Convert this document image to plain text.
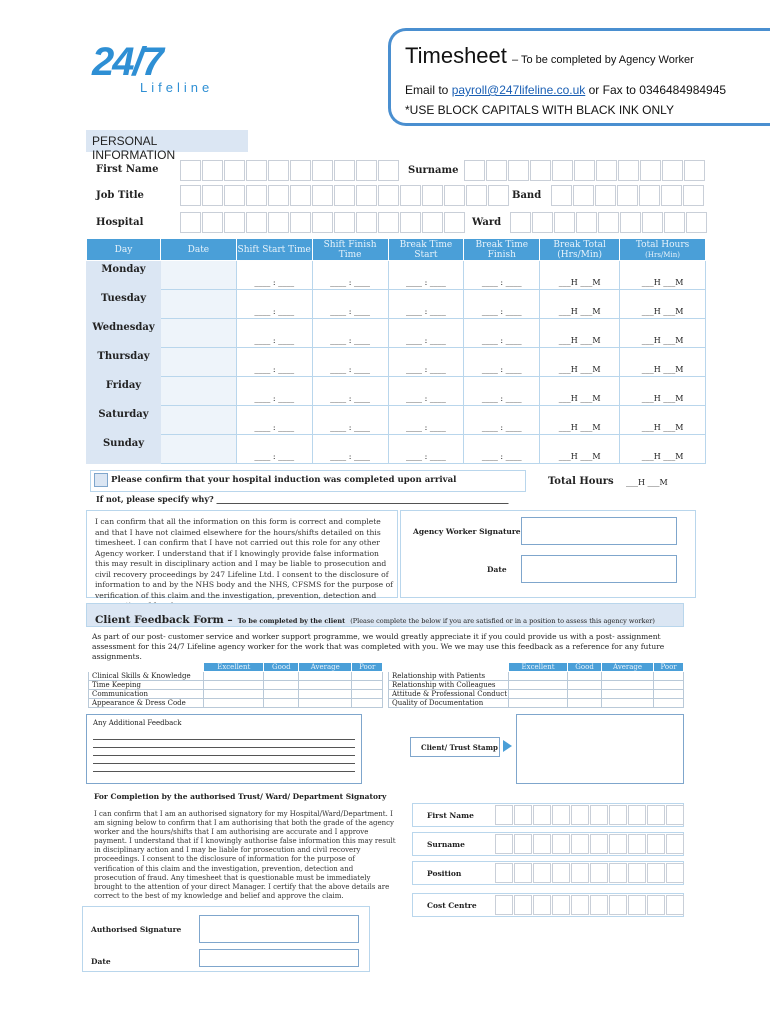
24/7
Lifeline
Timesheet – To be completed by Agency Worker
Email to payroll@247lifeline.co.uk or Fax to 0346484984945
*USE BLOCK CAPITALS WITH BLACK INK ONLY
PERSONAL INFORMATION
First Name	Surname
Job Title	Band
Hospital	Ward
Day	Date	Shift Start Time	Shift Finish Time	Break Time Start	Break Time Finish	Break Total (Hrs/Min)	Total Hours
(Hrs/Min)
Monday		____ : ____	____ : ____	____ : ____	____ : ____	___H ___M	___H ___M
Tuesday		____ : ____	____ : ____	____ : ____	____ : ____	___H ___M	___H ___M
Wednesday		____ : ____	____ : ____	____ : ____	____ : ____	___H ___M	___H ___M
Thursday		____ : ____	____ : ____	____ : ____	____ : ____	___H ___M	___H ___M
Friday		____ : ____	____ : ____	____ : ____	____ : ____	___H ___M	___H ___M
Saturday		____ : ____	____ : ____	____ : ____	____ : ____	___H ___M	___H ___M
Sunday		____ : ____	____ : ____	____ : ____	____ : ____	___H ___M	___H ___M
Total Hours ___H ___M
Please confirm that your hospital induction was completed upon arrival
If not, please specify why? _________________________________________________________________________
I can confirm that all the information on this form is correct and complete and that I have not claimed elsewhere for the hours/shifts detailed on this timesheet. I can confirm that I have not carried out this role for any other Agency worker. I understand that if I knowingly provide false information this may result in disciplinary action and I may be liable to prosecution and civil recovery proceedings by 247 Lifeline Ltd. I consent to the disclosure of information to and by the NHS body and the NHS, CFSMS for the purpose of verification of this claim and the investigation, prevention, detection and
Agency Worker Signature
Date
Client Feedback Form – To be completed by the client (Please complete the below if you are satisfied or in a position to assess this agency worker)
As part of our post- customer service and worker support programme, we would greatly appreciate it if you could provide us with a post- assignment assessment for this 24/7 Lifeline agency worker for the work that was completed with you. We we may use this feedback as a reference for any future assignments.
	Excellent	Good	Average	Poor
Clinical Skills & Knowledge				
Time Keeping				
Communication				
Appearance & Dress Code				
	Excellent	Good	Average	Poor
Relationship with Patients				
Relationship with Colleagues				
Attitude & Professional Conduct				
Quality of Documentation				
Any Additional Feedback
Client/ Trust Stamp
For Completion by the authorised Trust/ Ward/ Department Signatory
I can confirm that I am an authorised signatory for my Hospital/Ward/Department. I am signing below to confirm that I am authorising that both the grade of the agency worker and the hours/shifts that I am authorising are accurate and I approve payment. I understand that if I knowingly authorise false information this may result in disciplinary action and I may be liable for prosecution and civil recovery proceedings. I consent to the disclosure of information for the purpose of verification of this claim and the investigation, prevention, detection and prosecution of fraud. Any timesheet that is questionable must be immediately brought to the attention of your direct Manager. I certify that the above details are correct to the best of my knowledge and belief and approve the claim.
Authorised Signature
Date
First Name
Surname
Position
Cost Centre
